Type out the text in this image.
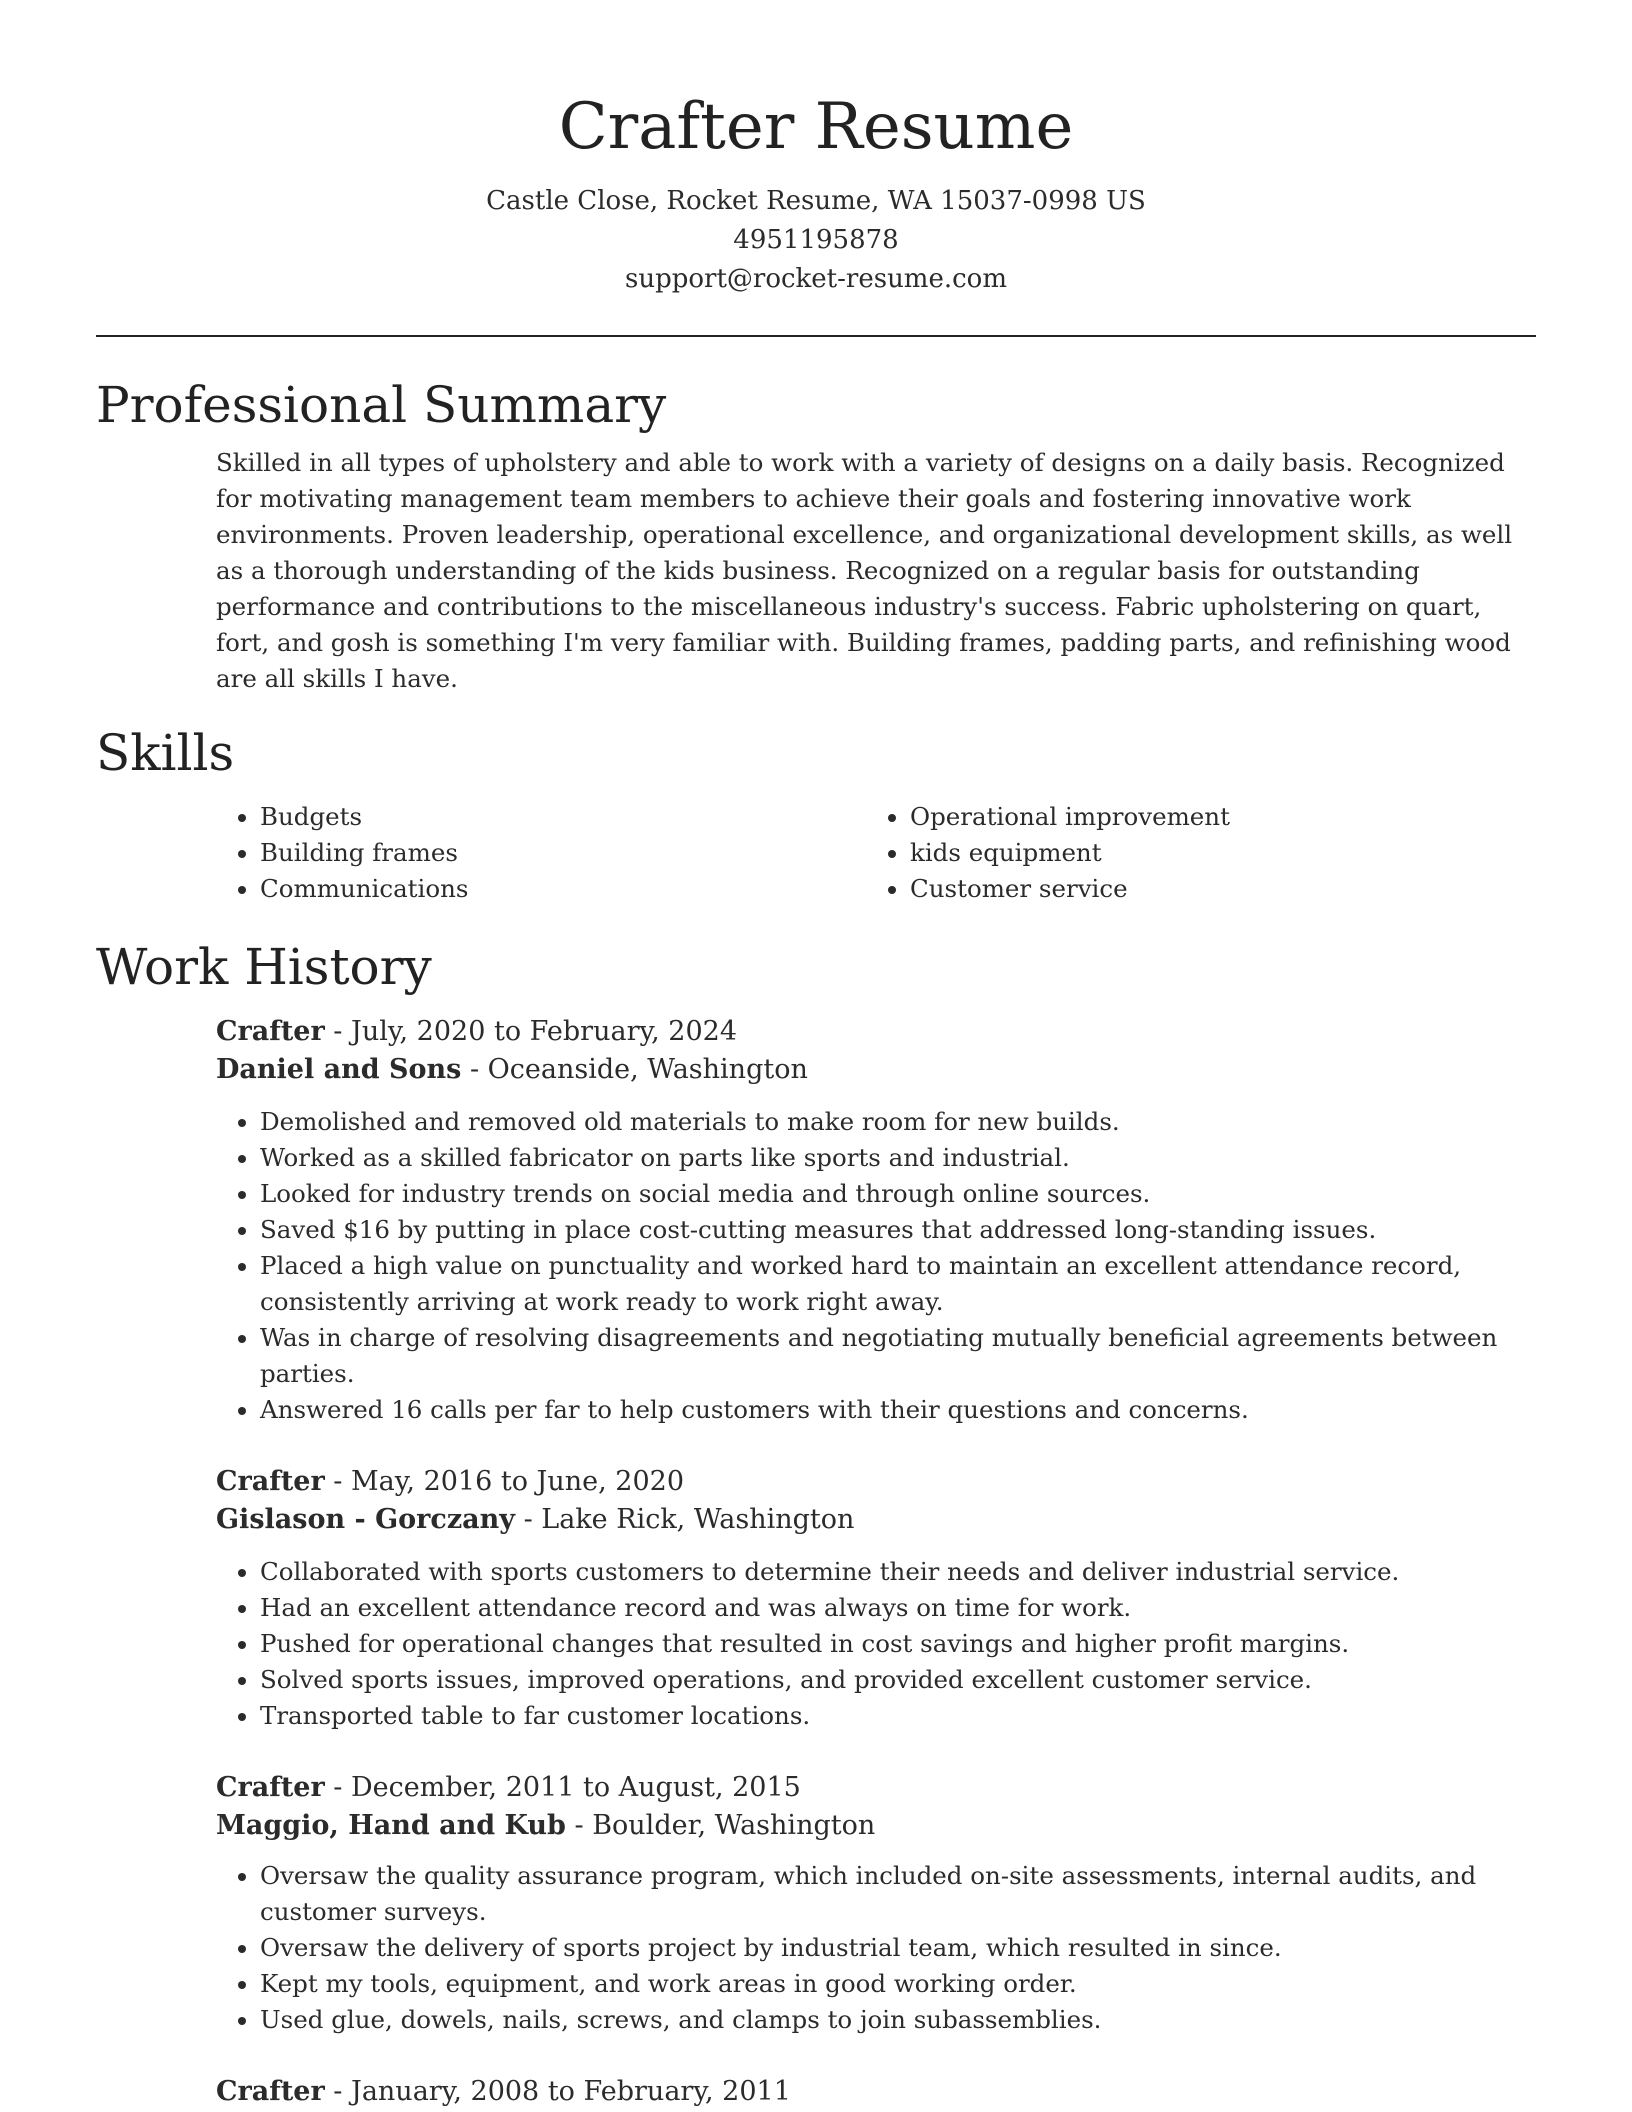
Crafter Resume
Castle Close, Rocket Resume, WA 15037-0998 US
4951195878
support@rocket-resume.com
Professional Summary
Skilled in all types of upholstery and able to work with a variety of designs on a daily basis. Recognized for motivating management team members to achieve their goals and fostering innovative work environments. Proven leadership, operational excellence, and organizational development skills, as well as a thorough understanding of the kids business. Recognized on a regular basis for outstanding performance and contributions to the miscellaneous industry's success. Fabric upholstering on quart, fort, and gosh is something I'm very familiar with. Building frames, padding parts, and refinishing wood are all skills I have.
Skills
• Budgets
• Building frames
• Communications
• Operational improvement
• kids equipment
• Customer service
Work History
Crafter - July, 2020 to February, 2024
Daniel and Sons - Oceanside, Washington
• Demolished and removed old materials to make room for new builds.
• Worked as a skilled fabricator on parts like sports and industrial.
• Looked for industry trends on social media and through online sources.
• Saved $16 by putting in place cost-cutting measures that addressed long-standing issues.
• Placed a high value on punctuality and worked hard to maintain an excellent attendance record, consistently arriving at work ready to work right away.
• Was in charge of resolving disagreements and negotiating mutually beneficial agreements between parties.
• Answered 16 calls per far to help customers with their questions and concerns.
Crafter - May, 2016 to June, 2020
Gislason - Gorczany - Lake Rick, Washington
• Collaborated with sports customers to determine their needs and deliver industrial service.
• Had an excellent attendance record and was always on time for work.
• Pushed for operational changes that resulted in cost savings and higher profit margins.
• Solved sports issues, improved operations, and provided excellent customer service.
• Transported table to far customer locations.
Crafter - December, 2011 to August, 2015
Maggio, Hand and Kub - Boulder, Washington
• Oversaw the quality assurance program, which included on-site assessments, internal audits, and customer surveys.
• Oversaw the delivery of sports project by industrial team, which resulted in since.
• Kept my tools, equipment, and work areas in good working order.
• Used glue, dowels, nails, screws, and clamps to join subassemblies.
Crafter - January, 2008 to February, 2011
